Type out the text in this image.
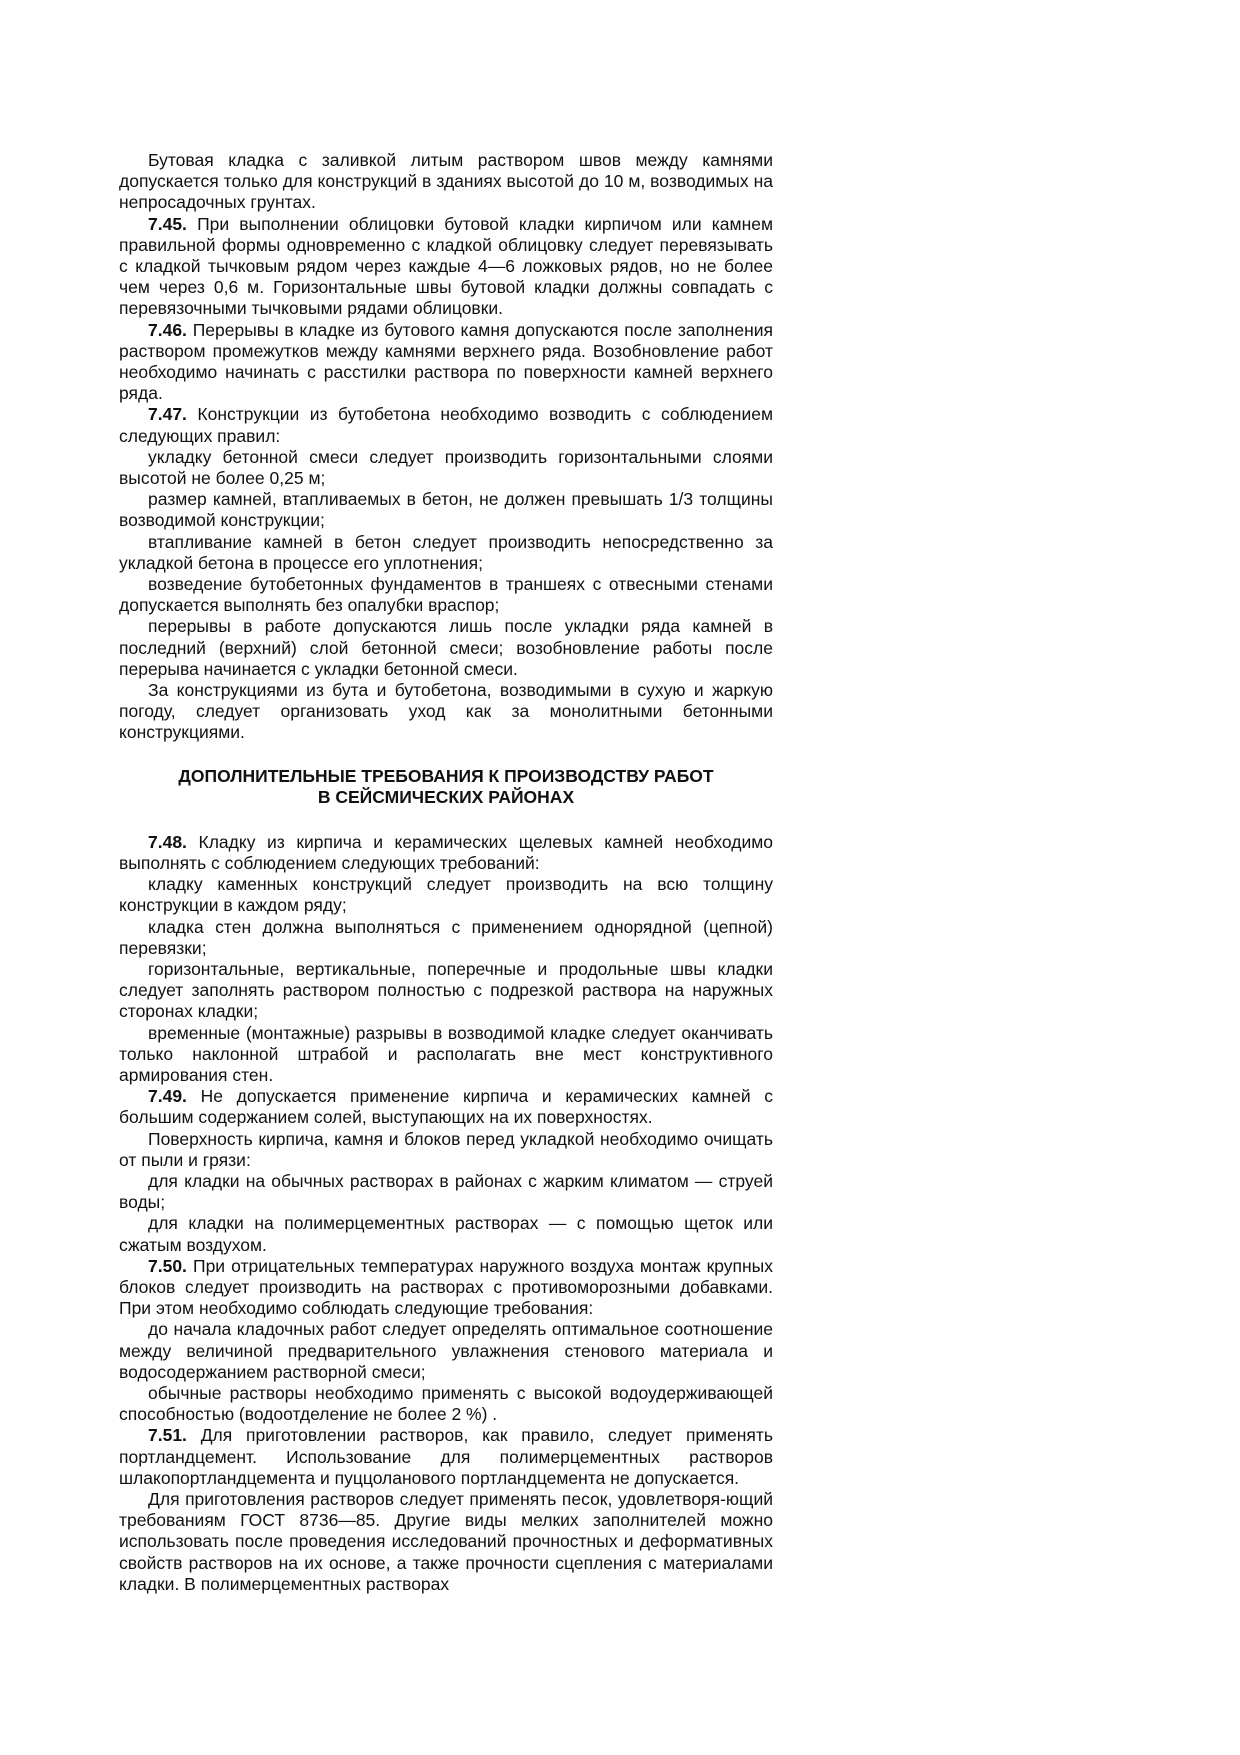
Бутовая кладка с заливкой литым раствором швов между камнями допускается только для конструкций в зданиях высотой до 10 м, возводимых на непросадочных грунтах.

7.45. При выполнении облицовки бутовой кладки кирпичом или камнем правильной формы одновременно с кладкой облицовку следует перевязывать с кладкой тычковым рядом через каждые 4—6 ложковых рядов, но не более чем через 0,6 м. Горизонтальные швы бутовой кладки должны совпадать с перевязочными тычковыми рядами облицовки.

7.46. Перерывы в кладке из бутового камня допускаются после заполнения раствором промежутков между камнями верхнего ряда. Возобновление работ необходимо начинать с расстилки раствора по поверхности камней верхнего ряда.

7.47. Конструкции из бутобетона необходимо возводить с соблюдением следующих правил:

укладку бетонной смеси следует производить горизонтальными слоями высотой не более 0,25 м;

размер камней, втапливаемых в бетон, не должен превышать 1/3 толщины возводимой конструкции;

втапливание камней в бетон следует производить непосредственно за укладкой бетона в процессе его уплотнения;

возведение бутобетонных фундаментов в траншеях с отвесными стенами допускается выполнять без опалубки враспор;

перерывы в работе допускаются лишь после укладки ряда камней в последний (верхний) слой бетонной смеси; возобновление работы после перерыва начинается с укладки бетонной смеси.

За конструкциями из бута и бутобетона, возводимыми в сухую и жаркую погоду, следует организовать уход как за монолитными бетонными конструкциями.

ДОПОЛНИТЕЛЬНЫЕ ТРЕБОВАНИЯ К ПРОИЗВОДСТВУ РАБОТ
В СЕЙСМИЧЕСКИХ РАЙОНАХ

7.48. Кладку из кирпича и керамических щелевых камней необходимо выполнять с соблюдением следующих требований:

кладку каменных конструкций следует производить на всю толщину конструкции в каждом ряду;

кладка стен должна выполняться с применением однорядной (цепной) перевязки;

горизонтальные, вертикальные, поперечные и продольные швы кладки следует заполнять раствором полностью с подрезкой раствора на наружных сторонах кладки;

временные (монтажные) разрывы в возводимой кладке следует оканчивать только наклонной штрабой и располагать вне мест конструктивного армирования стен.

7.49. Не допускается применение кирпича и керамических камней с большим содержанием солей, выступающих на их поверхностях.

Поверхность кирпича, камня и блоков перед укладкой необходимо очищать от пыли и грязи:

для кладки на обычных растворах в районах с жарким климатом — струей воды;

для кладки на полимерцементных растворах — с помощью щеток или сжатым воздухом.

7.50. При отрицательных температурах наружного воздуха монтаж крупных блоков следует производить на растворах с противоморозными добавками. При этом необходимо соблюдать следующие требования:

до начала кладочных работ следует определять оптимальное соотношение между величиной предварительного увлажнения стенового материала и водосодержанием растворной смеси;

обычные растворы необходимо применять с высокой водоудерживающей способностью (водоотделение не более 2 %) .

7.51. Для приготовлении растворов, как правило, следует применять портландцемент. Использование для полимерцементных растворов шлакопортландцемента и пуццоланового портландцемента не допускается.

Для приготовления растворов следует применять песок, удовлетворя-ющий требованиям ГОСТ 8736—85. Другие виды мелких заполнителей можно использовать после проведения исследований прочностных и деформативных свойств растворов на их основе, а также прочности сцепления с материалами кладки. В полимерцементных растворах
